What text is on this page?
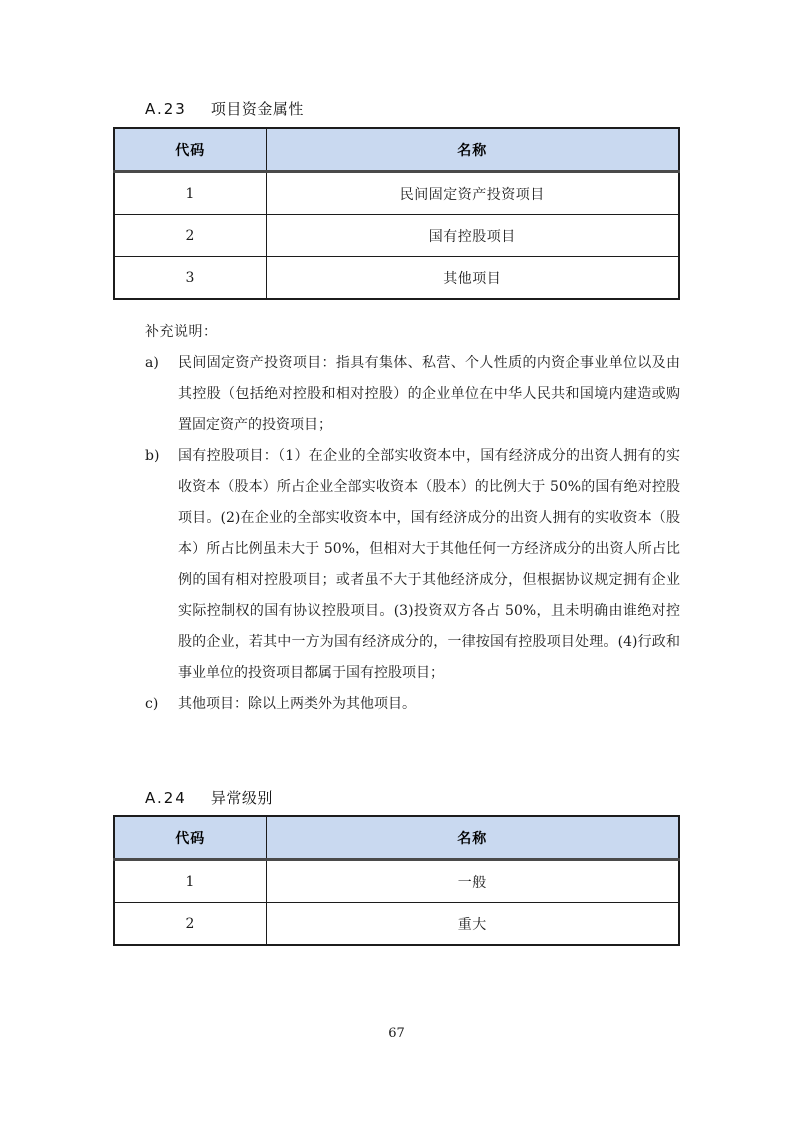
A.23 项目资金属性
代码	名称
1	民间固定资产投资项目
2	国有控股项目
3	其他项目
补充说明：
a)	民间固定资产投资项目：指具有集体、私营、个人性质的内资企事业单位以及由其控股（包括绝对控股和相对控股）的企业单位在中华人民共和国境内建造或购置固定资产的投资项目；
b)	国有控股项目：（1）在企业的全部实收资本中，国有经济成分的出资人拥有的实收资本（股本）所占企业全部实收资本（股本）的比例大于 50%的国有绝对控股项目。(2)在企业的全部实收资本中，国有经济成分的出资人拥有的实收资本（股本）所占比例虽未大于 50%，但相对大于其他任何一方经济成分的出资人所占比例的国有相对控股项目；或者虽不大于其他经济成分，但根据协议规定拥有企业实际控制权的国有协议控股项目。(3)投资双方各占 50%，且未明确由谁绝对控股的企业，若其中一方为国有经济成分的，一律按国有控股项目处理。(4)行政和事业单位的投资项目都属于国有控股项目；
c)	其他项目：除以上两类外为其他项目。
A.24 异常级别
代码	名称
1	一般
2	重大
67
